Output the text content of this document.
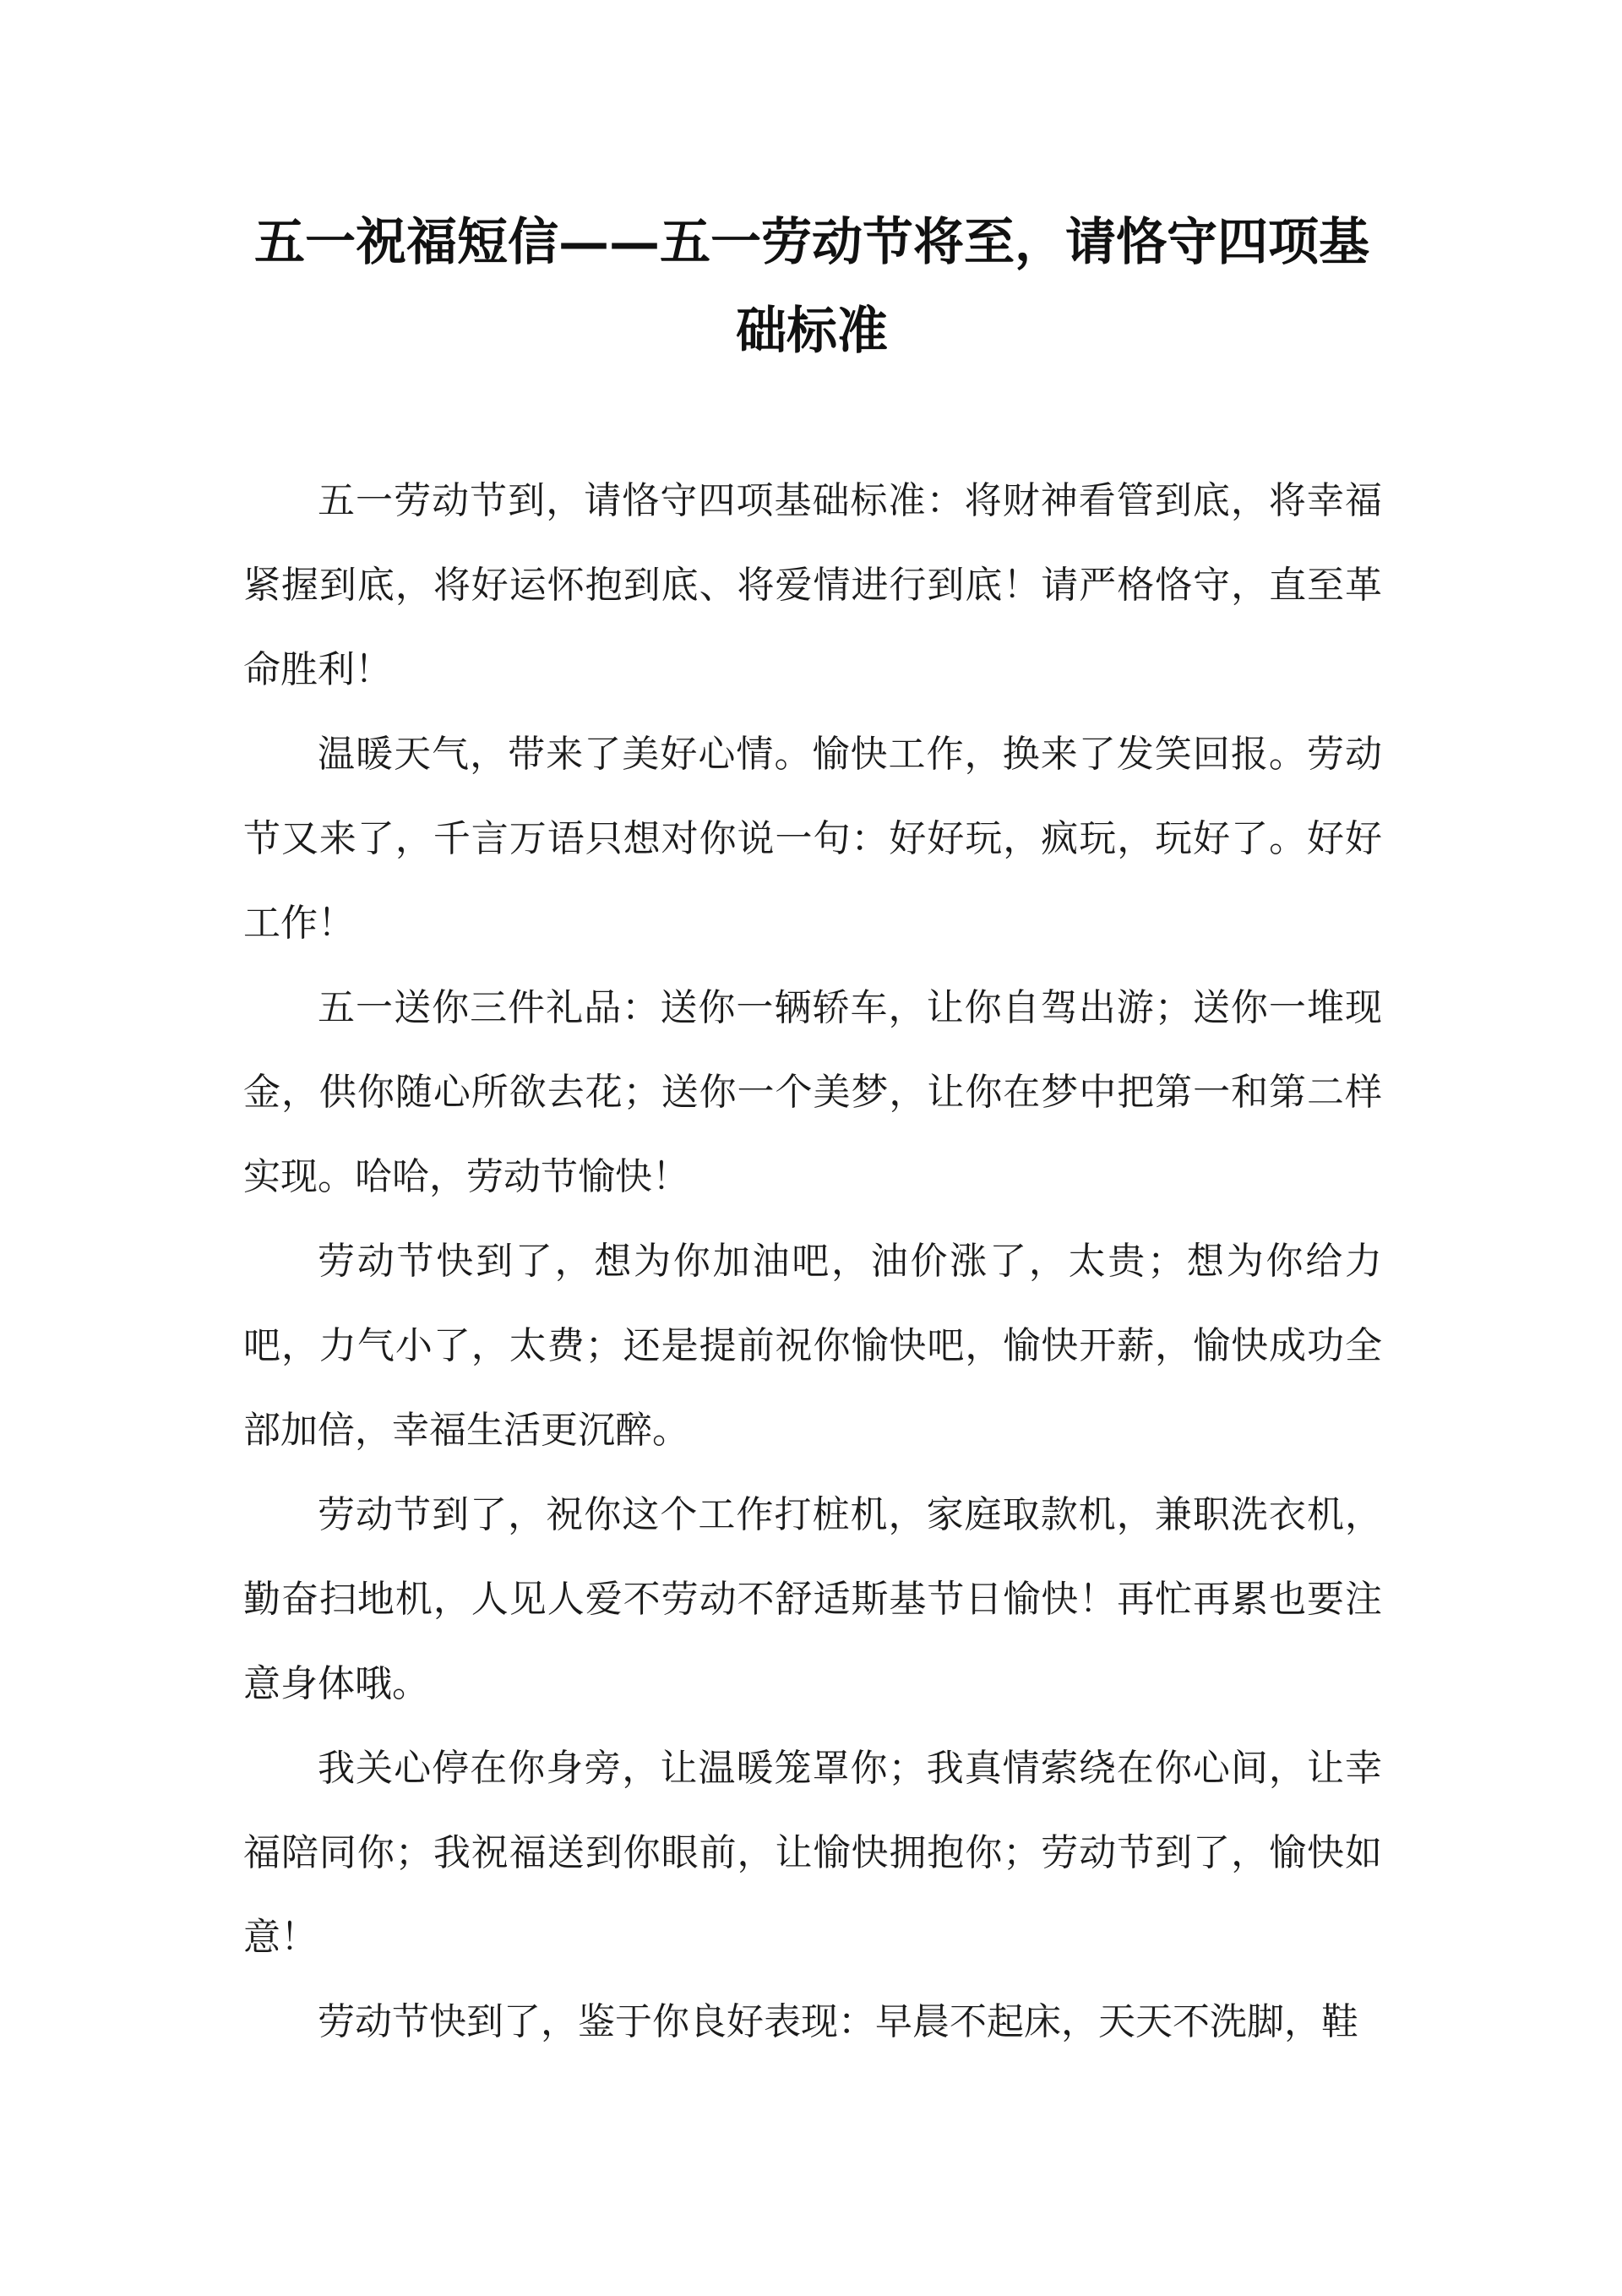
五一祝福短信——五一劳动节将至，请恪守四项基础标准

五一劳动节到，请恪守四项基础标准：将财神看管到底，将幸福紧握到底，将好运怀抱到底、将爱情进行到底！请严格恪守，直至革命胜利！

温暖天气，带来了美好心情。愉快工作，换来了发笑回报。劳动节又来了，千言万语只想对你说一句：好好玩，疯玩，玩好了。好好工作！

五一送你三件礼品：送你一辆轿车，让你自驾出游；送你一堆现金，供你随心所欲去花；送你一个美梦，让你在梦中把第一和第二样实现。哈哈，劳动节愉快！

劳动节快到了，想为你加油吧，油价涨了，太贵；想为你给力吧，力气小了，太费；还是提前祝你愉快吧，愉快开薪，愉快成功全部加倍，幸福生活更沉醉。

劳动节到了，祝你这个工作打桩机，家庭取款机，兼职洗衣机，勤奋扫地机，人见人爱不劳动不舒适斯基节日愉快！再忙再累也要注意身体哦。

我关心停在你身旁，让温暖笼罩你；我真情萦绕在你心间，让幸福陪同你；我祝福送到你眼前，让愉快拥抱你；劳动节到了，愉快如意！

劳动节快到了，鉴于你良好表现：早晨不起床，天天不洗脚，鞋
